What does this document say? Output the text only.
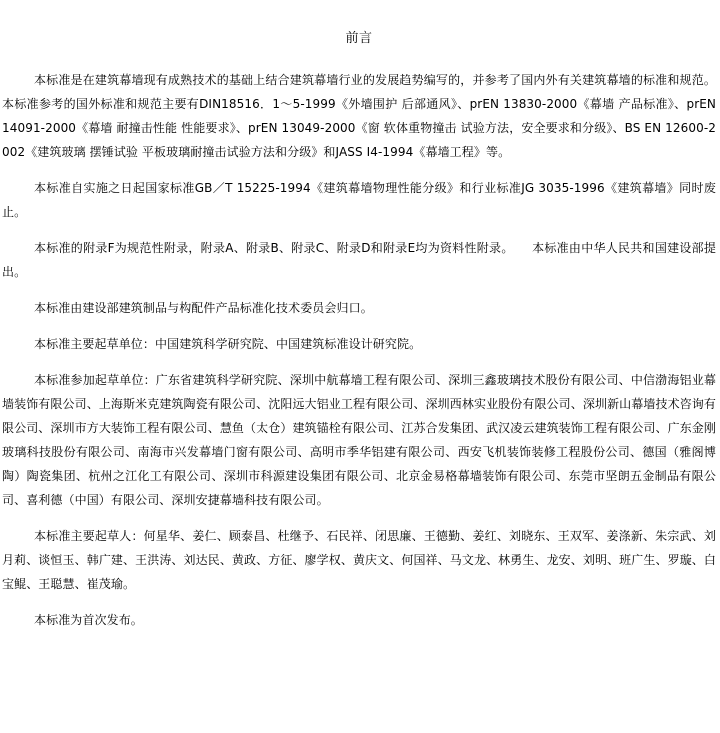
前言

本标准是在建筑幕墙现有成熟技术的基础上结合建筑幕墙行业的发展趋势编写的，并参考了国内外有关建筑幕墙的标准和规范。本标准参考的国外标准和规范主要有DIN18516．1～5-1999《外墙围护 后部通风》、prEN 13830-2000《幕墙 产品标准》、prEN 14091-2000《幕墙 耐撞击性能 性能要求》、prEN 13049-2000《窗 软体重物撞击 试验方法，安全要求和分级》、BS EN 12600-2002《建筑玻璃 摆锤试验 平板玻璃耐撞击试验方法和分级》和JASS I4-1994《幕墙工程》等。

本标准自实施之日起国家标准GB／T 15225-1994《建筑幕墙物理性能分级》和行业标准JG 3035-1996《建筑幕墙》同时废止。

本标准的附录F为规范性附录，附录A、附录B、附录C、附录D和附录E均为资料性附录。　　本标准由中华人民共和国建设部提出。

本标准由建设部建筑制品与构配件产品标准化技术委员会归口。

本标准主要起草单位：中国建筑科学研究院、中国建筑标准设计研究院。

本标准参加起草单位：广东省建筑科学研究院、深圳中航幕墙工程有限公司、深圳三鑫玻璃技术股份有限公司、中信渤海铝业幕墙装饰有限公司、上海斯米克建筑陶瓷有限公司、沈阳远大铝业工程有限公司、深圳西林实业股份有限公司、深圳新山幕墙技术咨询有限公司、深圳市方大装饰工程有限公司、慧鱼（太仓）建筑锚栓有限公司、江苏合发集团、武汉凌云建筑装饰工程有限公司、广东金刚玻璃科技股份有限公司、南海市兴发幕墙门窗有限公司、高明市季华铝建有限公司、西安飞机装饰装修工程股份公司、德国（雅阁博陶）陶瓷集团、杭州之江化工有限公司、深圳市科源建设集团有限公司、北京金易格幕墙装饰有限公司、东莞市坚朗五金制品有限公司、喜利德（中国）有限公司、深圳安捷幕墙科技有限公司。

本标准主要起草人：何星华、姜仁、顾泰昌、杜继予、石民祥、闭思廉、王德勤、姜红、刘晓东、王双军、姜涤新、朱宗武、刘月莉、谈恒玉、韩广建、王洪涛、刘达民、黄政、方征、廖学权、黄庆文、何国祥、马文龙、林勇生、龙安、刘明、班广生、罗璇、白宝鲲、王聪慧、崔茂瑜。

本标准为首次发布。
